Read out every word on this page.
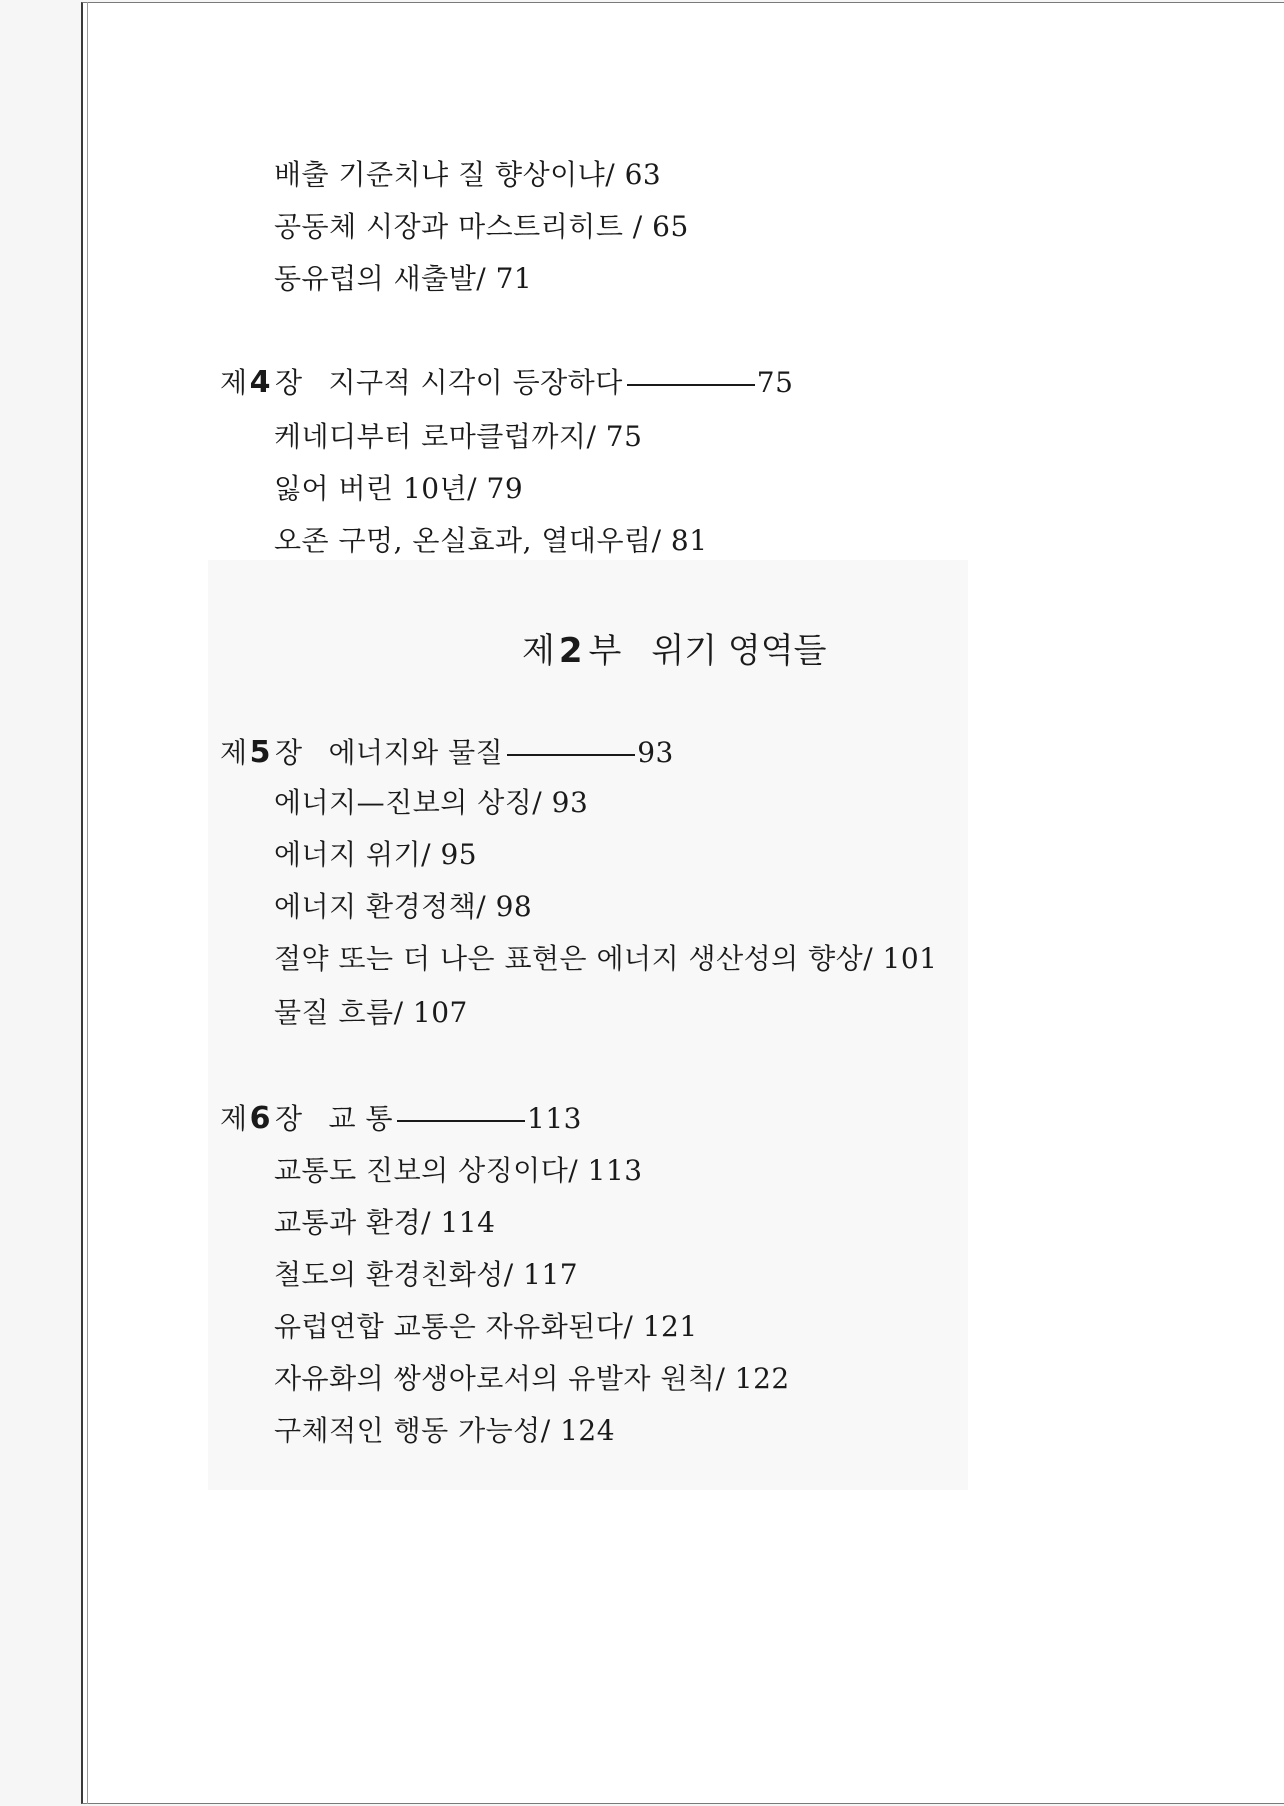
배출 기준치냐 질 향상이냐/ 63
공동체 시장과 마스트리히트 / 65
동유럽의 새출발/ 71
제4 장 지구적 시각이 등장하다	75
케네디부터 로마클럽까지/ 75
잃어 버린 10년/ 79
오존 구멍, 온실효과, 열대우림/ 81
제 2 부 위기 영역들
제5 장 에너지와 물질	93
에너지—진보의 상징/ 93
에너지 위기/ 95
에너지 환경정책/ 98
절약 또는 더 나은 표현은 에너지 생산성의 향상/ 101
물질 흐름/ 107
제6 장 교 통	113
교통도 진보의 상징이다/ 113
교통과 환경/ 114
철도의 환경친화성/ 117
유럽연합 교통은 자유화된다/ 121
자유화의 쌍생아로서의 유발자 원칙/ 122
구체적인 행동 가능성/ 124
